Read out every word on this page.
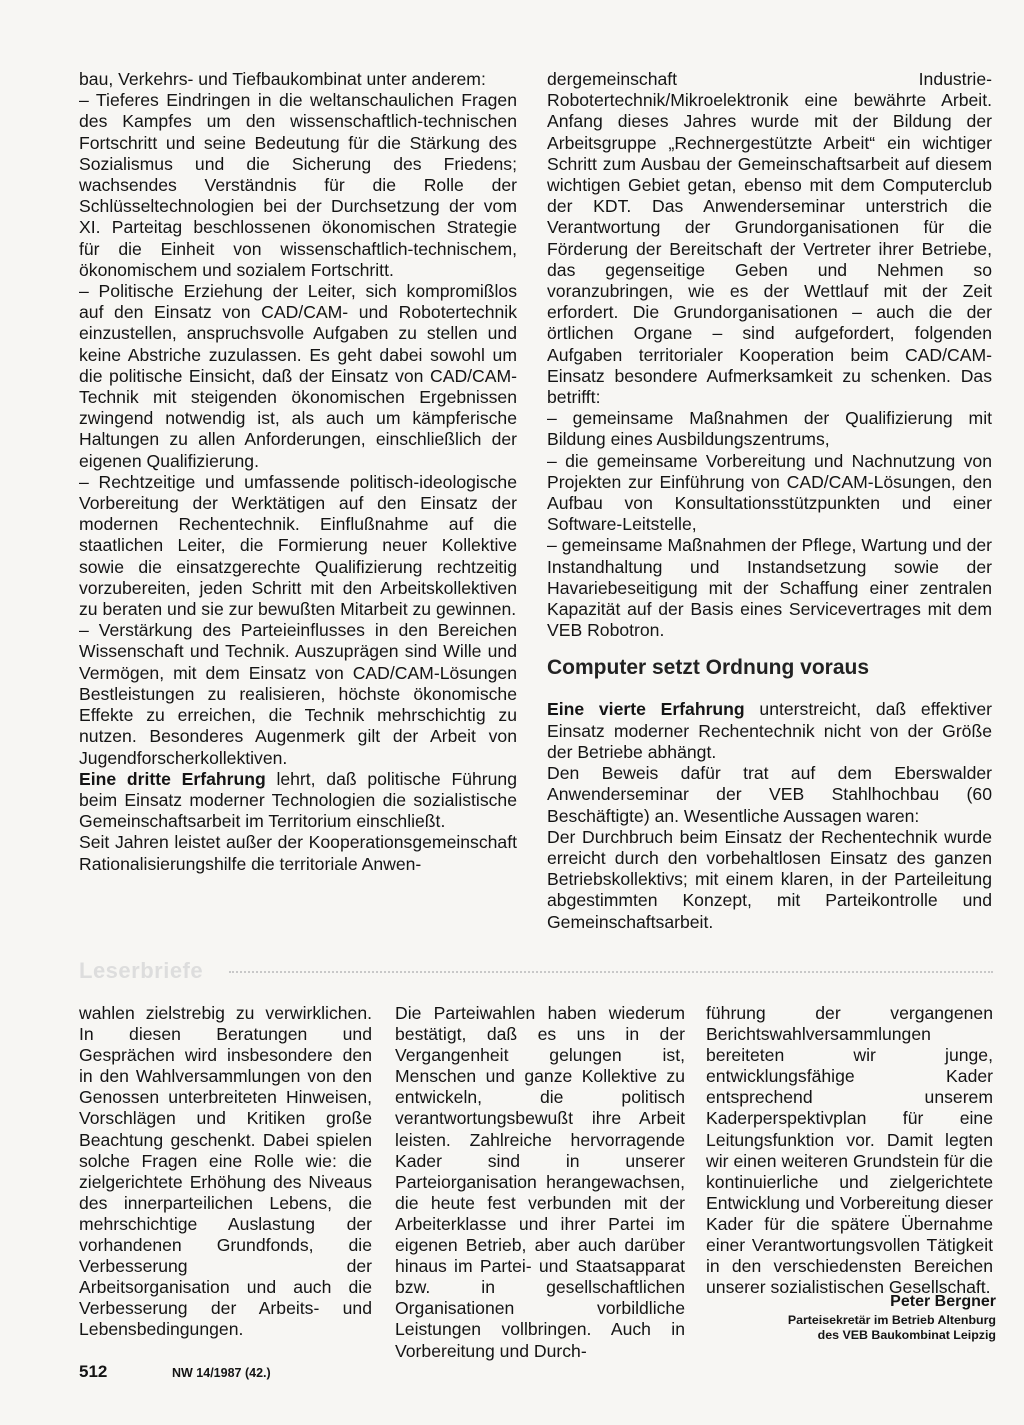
bau, Verkehrs- und Tiefbaukombinat unter anderem:

– Tieferes Eindringen in die weltanschaulichen Fragen des Kampfes um den wissenschaftlich-technischen Fortschritt und seine Bedeutung für die Stärkung des Sozialismus und die Sicherung des Friedens; wachsendes Verständnis für die Rolle der Schlüsseltechnologien bei der Durchsetzung der vom XI. Parteitag beschlossenen ökonomischen Strategie für die Einheit von wissenschaftlich-technischem, ökonomischem und sozialem Fortschritt.

– Politische Erziehung der Leiter, sich kompromißlos auf den Einsatz von CAD/CAM- und Robotertechnik einzustellen, anspruchsvolle Aufgaben zu stellen und keine Abstriche zuzulassen. Es geht dabei sowohl um die politische Einsicht, daß der Einsatz von CAD/CAM-Technik mit steigenden ökonomischen Ergebnissen zwingend notwendig ist, als auch um kämpferische Haltungen zu allen Anforderungen, einschließlich der eigenen Qualifizierung.

– Rechtzeitige und umfassende politisch-ideologische Vorbereitung der Werktätigen auf den Einsatz der modernen Rechentechnik. Einflußnahme auf die staatlichen Leiter, die Formierung neuer Kollektive sowie die einsatzgerechte Qualifizierung rechtzeitig vorzubereiten, jeden Schritt mit den Arbeitskollektiven zu beraten und sie zur bewußten Mitarbeit zu gewinnen.

– Verstärkung des Parteieinflusses in den Bereichen Wissenschaft und Technik. Auszuprägen sind Wille und Vermögen, mit dem Einsatz von CAD/CAM-Lösungen Bestleistungen zu realisieren, höchste ökonomische Effekte zu erreichen, die Technik mehrschichtig zu nutzen. Besonderes Augenmerk gilt der Arbeit von Jugendforscherkollektiven.

Eine dritte Erfahrung lehrt, daß politische Führung beim Einsatz moderner Technologien die sozialistische Gemeinschaftsarbeit im Territorium einschließt.

Seit Jahren leistet außer der Kooperationsgemeinschaft Rationalisierungshilfe die territoriale Anwen-

dergemeinschaft Industrie-Robotertechnik/Mikroelektronik eine bewährte Arbeit. Anfang dieses Jahres wurde mit der Bildung der Arbeitsgruppe „Rechnergestützte Arbeit“ ein wichtiger Schritt zum Ausbau der Gemeinschaftsarbeit auf diesem wichtigen Gebiet getan, ebenso mit dem Computerclub der KDT. Das Anwenderseminar unterstrich die Verantwortung der Grundorganisationen für die Förderung der Bereitschaft der Vertreter ihrer Betriebe, das gegenseitige Geben und Nehmen so voranzubringen, wie es der Wettlauf mit der Zeit erfordert. Die Grundorganisationen – auch die der örtlichen Organe – sind aufgefordert, folgenden Aufgaben territorialer Kooperation beim CAD/CAM-Einsatz besondere Aufmerksamkeit zu schenken. Das betrifft:

– gemeinsame Maßnahmen der Qualifizierung mit Bildung eines Ausbildungszentrums,

– die gemeinsame Vorbereitung und Nachnutzung von Projekten zur Einführung von CAD/CAM-Lösungen, den Aufbau von Konsultationsstützpunkten und einer Software-Leitstelle,

– gemeinsame Maßnahmen der Pflege, Wartung und der Instandhaltung und Instandsetzung sowie der Havariebeseitigung mit der Schaffung einer zentralen Kapazität auf der Basis eines Servicevertrages mit dem VEB Robotron.

Computer setzt Ordnung voraus

Eine vierte Erfahrung unterstreicht, daß effektiver Einsatz moderner Rechentechnik nicht von der Größe der Betriebe abhängt.

Den Beweis dafür trat auf dem Eberswalder Anwenderseminar der VEB Stahlhochbau (60 Beschäftigte) an. Wesentliche Aussagen waren:

Der Durchbruch beim Einsatz der Rechentechnik wurde erreicht durch den vorbehaltlosen Einsatz des ganzen Betriebskollektivs; mit einem klaren, in der Parteileitung abgestimmten Konzept, mit Parteikontrolle und Gemeinschaftsarbeit.

Leserbriefe

wahlen zielstrebig zu verwirklichen. In diesen Beratungen und Gesprächen wird insbesondere den in den Wahlversammlungen von den Genossen unterbreiteten Hinweisen, Vorschlägen und Kritiken große Beachtung geschenkt. Dabei spielen solche Fragen eine Rolle wie: die zielgerichtete Erhöhung des Niveaus des innerparteilichen Lebens, die mehrschichtige Auslastung der vorhandenen Grundfonds, die Verbesserung der Arbeitsorganisation und auch die Verbesserung der Arbeits- und Lebensbedingungen.

Die Parteiwahlen haben wiederum bestätigt, daß es uns in der Vergangenheit gelungen ist, Menschen und ganze Kollektive zu entwickeln, die politisch verantwortungsbewußt ihre Arbeit leisten. Zahlreiche hervorragende Kader sind in unserer Parteiorganisation herangewachsen, die heute fest verbunden mit der Arbeiterklasse und ihrer Partei im eigenen Betrieb, aber auch darüber hinaus im Partei- und Staatsapparat bzw. in gesellschaftlichen Organisationen vorbildliche Leistungen vollbringen. Auch in Vorbereitung und Durch-

führung der vergangenen Berichtswahlversammlungen bereiteten wir junge, entwicklungsfähige Kader entsprechend unserem Kaderperspektivplan für eine Leitungsfunktion vor. Damit legten wir einen weiteren Grundstein für die kontinuierliche und zielgerichtete Entwicklung und Vorbereitung dieser Kader für die spätere Übernahme einer Verantwortungsvollen Tätigkeit in den verschiedensten Bereichen unserer sozialistischen Gesellschaft.

Peter Bergner
Parteisekretär im Betrieb Altenburg
des VEB Baukombinat Leipzig
512	NW 14/1987 (42.)
